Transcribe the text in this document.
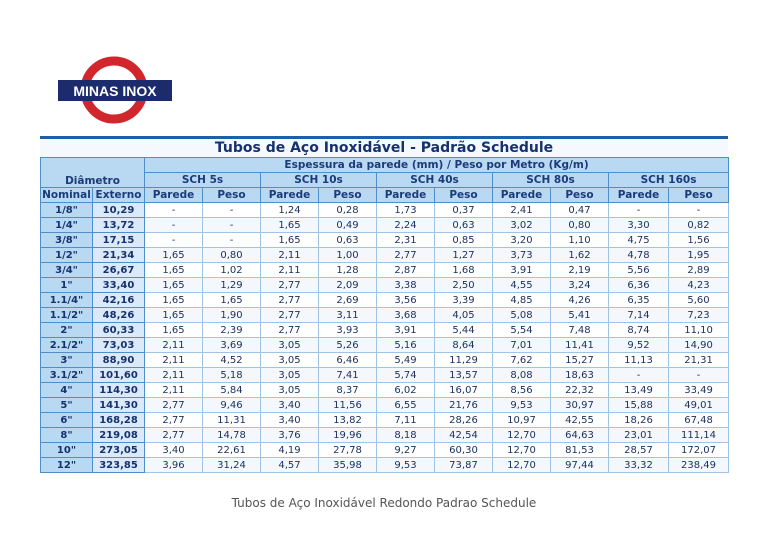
MINAS INOX
Tubos de Aço Inoxidável - Padrão Schedule
Diâmetro		Espessura da parede (mm) / Peso por Metro (Kg/m)									
		SCH 5s		SCH 10s		SCH 40s		SCH 80s		SCH 160s	
Nominal	Externo	Parede	Peso	Parede	Peso	Parede	Peso	Parede	Peso	Parede	Peso
1/8"	10,29	-	-	1,24	0,28	1,73	0,37	2,41	0,47	-	-
1/4"	13,72	-	-	1,65	0,49	2,24	0,63	3,02	0,80	3,30	0,82
3/8"	17,15	-	-	1,65	0,63	2,31	0,85	3,20	1,10	4,75	1,56
1/2"	21,34	1,65	0,80	2,11	1,00	2,77	1,27	3,73	1,62	4,78	1,95
3/4"	26,67	1,65	1,02	2,11	1,28	2,87	1,68	3,91	2,19	5,56	2,89
1"	33,40	1,65	1,29	2,77	2,09	3,38	2,50	4,55	3,24	6,36	4,23
1.1/4"	42,16	1,65	1,65	2,77	2,69	3,56	3,39	4,85	4,26	6,35	5,60
1.1/2"	48,26	1,65	1,90	2,77	3,11	3,68	4,05	5,08	5,41	7,14	7,23
2"	60,33	1,65	2,39	2,77	3,93	3,91	5,44	5,54	7,48	8,74	11,10
2.1/2"	73,03	2,11	3,69	3,05	5,26	5,16	8,64	7,01	11,41	9,52	14,90
3"	88,90	2,11	4,52	3,05	6,46	5,49	11,29	7,62	15,27	11,13	21,31
3.1/2"	101,60	2,11	5,18	3,05	7,41	5,74	13,57	8,08	18,63	-	-
4"	114,30	2,11	5,84	3,05	8,37	6,02	16,07	8,56	22,32	13,49	33,49
5"	141,30	2,77	9,46	3,40	11,56	6,55	21,76	9,53	30,97	15,88	49,01
6"	168,28	2,77	11,31	3,40	13,82	7,11	28,26	10,97	42,55	18,26	67,48
8"	219,08	2,77	14,78	3,76	19,96	8,18	42,54	12,70	64,63	23,01	111,14
10"	273,05	3,40	22,61	4,19	27,78	9,27	60,30	12,70	81,53	28,57	172,07
12"	323,85	3,96	31,24	4,57	35,98	9,53	73,87	12,70	97,44	33,32	238,49
Tubos de Aço Inoxidável Redondo Padrao Schedule
